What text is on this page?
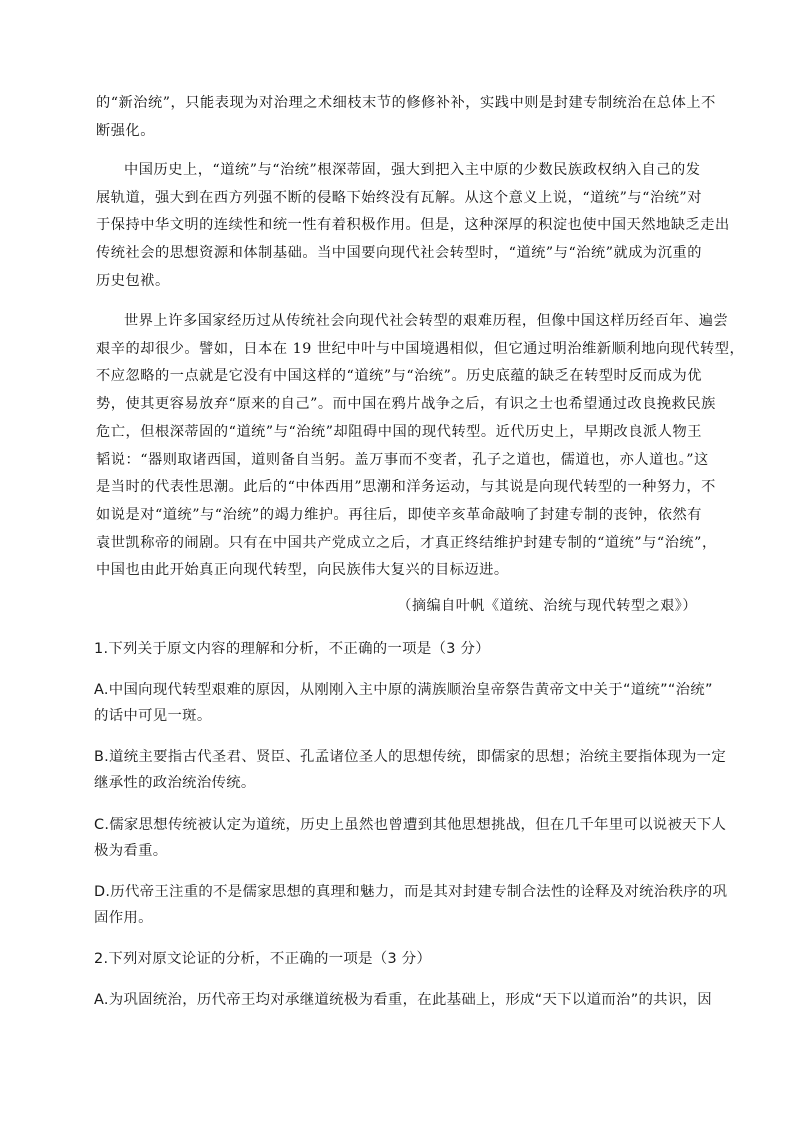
的“新治统”，只能表现为对治理之术细枝末节的修修补补，实践中则是封建专制统治在总体上不
断强化。

中国历史上，“道统”与“治统”根深蒂固，强大到把入主中原的少数民族政权纳入自己的发
展轨道，强大到在西方列强不断的侵略下始终没有瓦解。从这个意义上说，“道统”与“治统”对
于保持中华文明的连续性和统一性有着积极作用。但是，这种深厚的积淀也使中国天然地缺乏走出
传统社会的思想资源和体制基础。当中国要向现代社会转型时，“道统”与“治统”就成为沉重的
历史包袱。

世界上许多国家经历过从传统社会向现代社会转型的艰难历程，但像中国这样历经百年、遍尝
艰辛的却很少。譬如，日本在 19 世纪中叶与中国境遇相似，但它通过明治维新顺利地向现代转型，
不应忽略的一点就是它没有中国这样的“道统”与“治统”。历史底蕴的缺乏在转型时反而成为优
势，使其更容易放弃“原来的自己”。而中国在鸦片战争之后，有识之士也希望通过改良挽救民族
危亡，但根深蒂固的“道统”与“治统”却阻碍中国的现代转型。近代历史上，早期改良派人物王
韬说：“器则取诸西国，道则备自当躬。盖万事而不变者，孔子之道也，儒道也，亦人道也。”这
是当时的代表性思潮。此后的“中体西用”思潮和洋务运动，与其说是向现代转型的一种努力，不
如说是对“道统”与“治统”的竭力维护。再往后，即使辛亥革命敲响了封建专制的丧钟，依然有
袁世凯称帝的闹剧。只有在中国共产党成立之后，才真正终结维护封建专制的“道统”与“治统”，
中国也由此开始真正向现代转型，向民族伟大复兴的目标迈进。

（摘编自叶帆《道统、治统与现代转型之艰》）

1.下列关于原文内容的理解和分析，不正确的一项是（3 分）

A.中国向现代转型艰难的原因，从刚刚入主中原的满族顺治皇帝祭告黄帝文中关于“道统”“治统”
的话中可见一斑。

B.道统主要指古代圣君、贤臣、孔孟诸位圣人的思想传统，即儒家的思想；治统主要指体现为一定
继承性的政治统治传统。

C.儒家思想传统被认定为道统，历史上虽然也曾遭到其他思想挑战，但在几千年里可以说被天下人
极为看重。

D.历代帝王注重的不是儒家思想的真理和魅力，而是其对封建专制合法性的诠释及对统治秩序的巩
固作用。

2.下列对原文论证的分析，不正确的一项是（3 分）

A.为巩固统治，历代帝王均对承继道统极为看重，在此基础上，形成“天下以道而治”的共识，因
